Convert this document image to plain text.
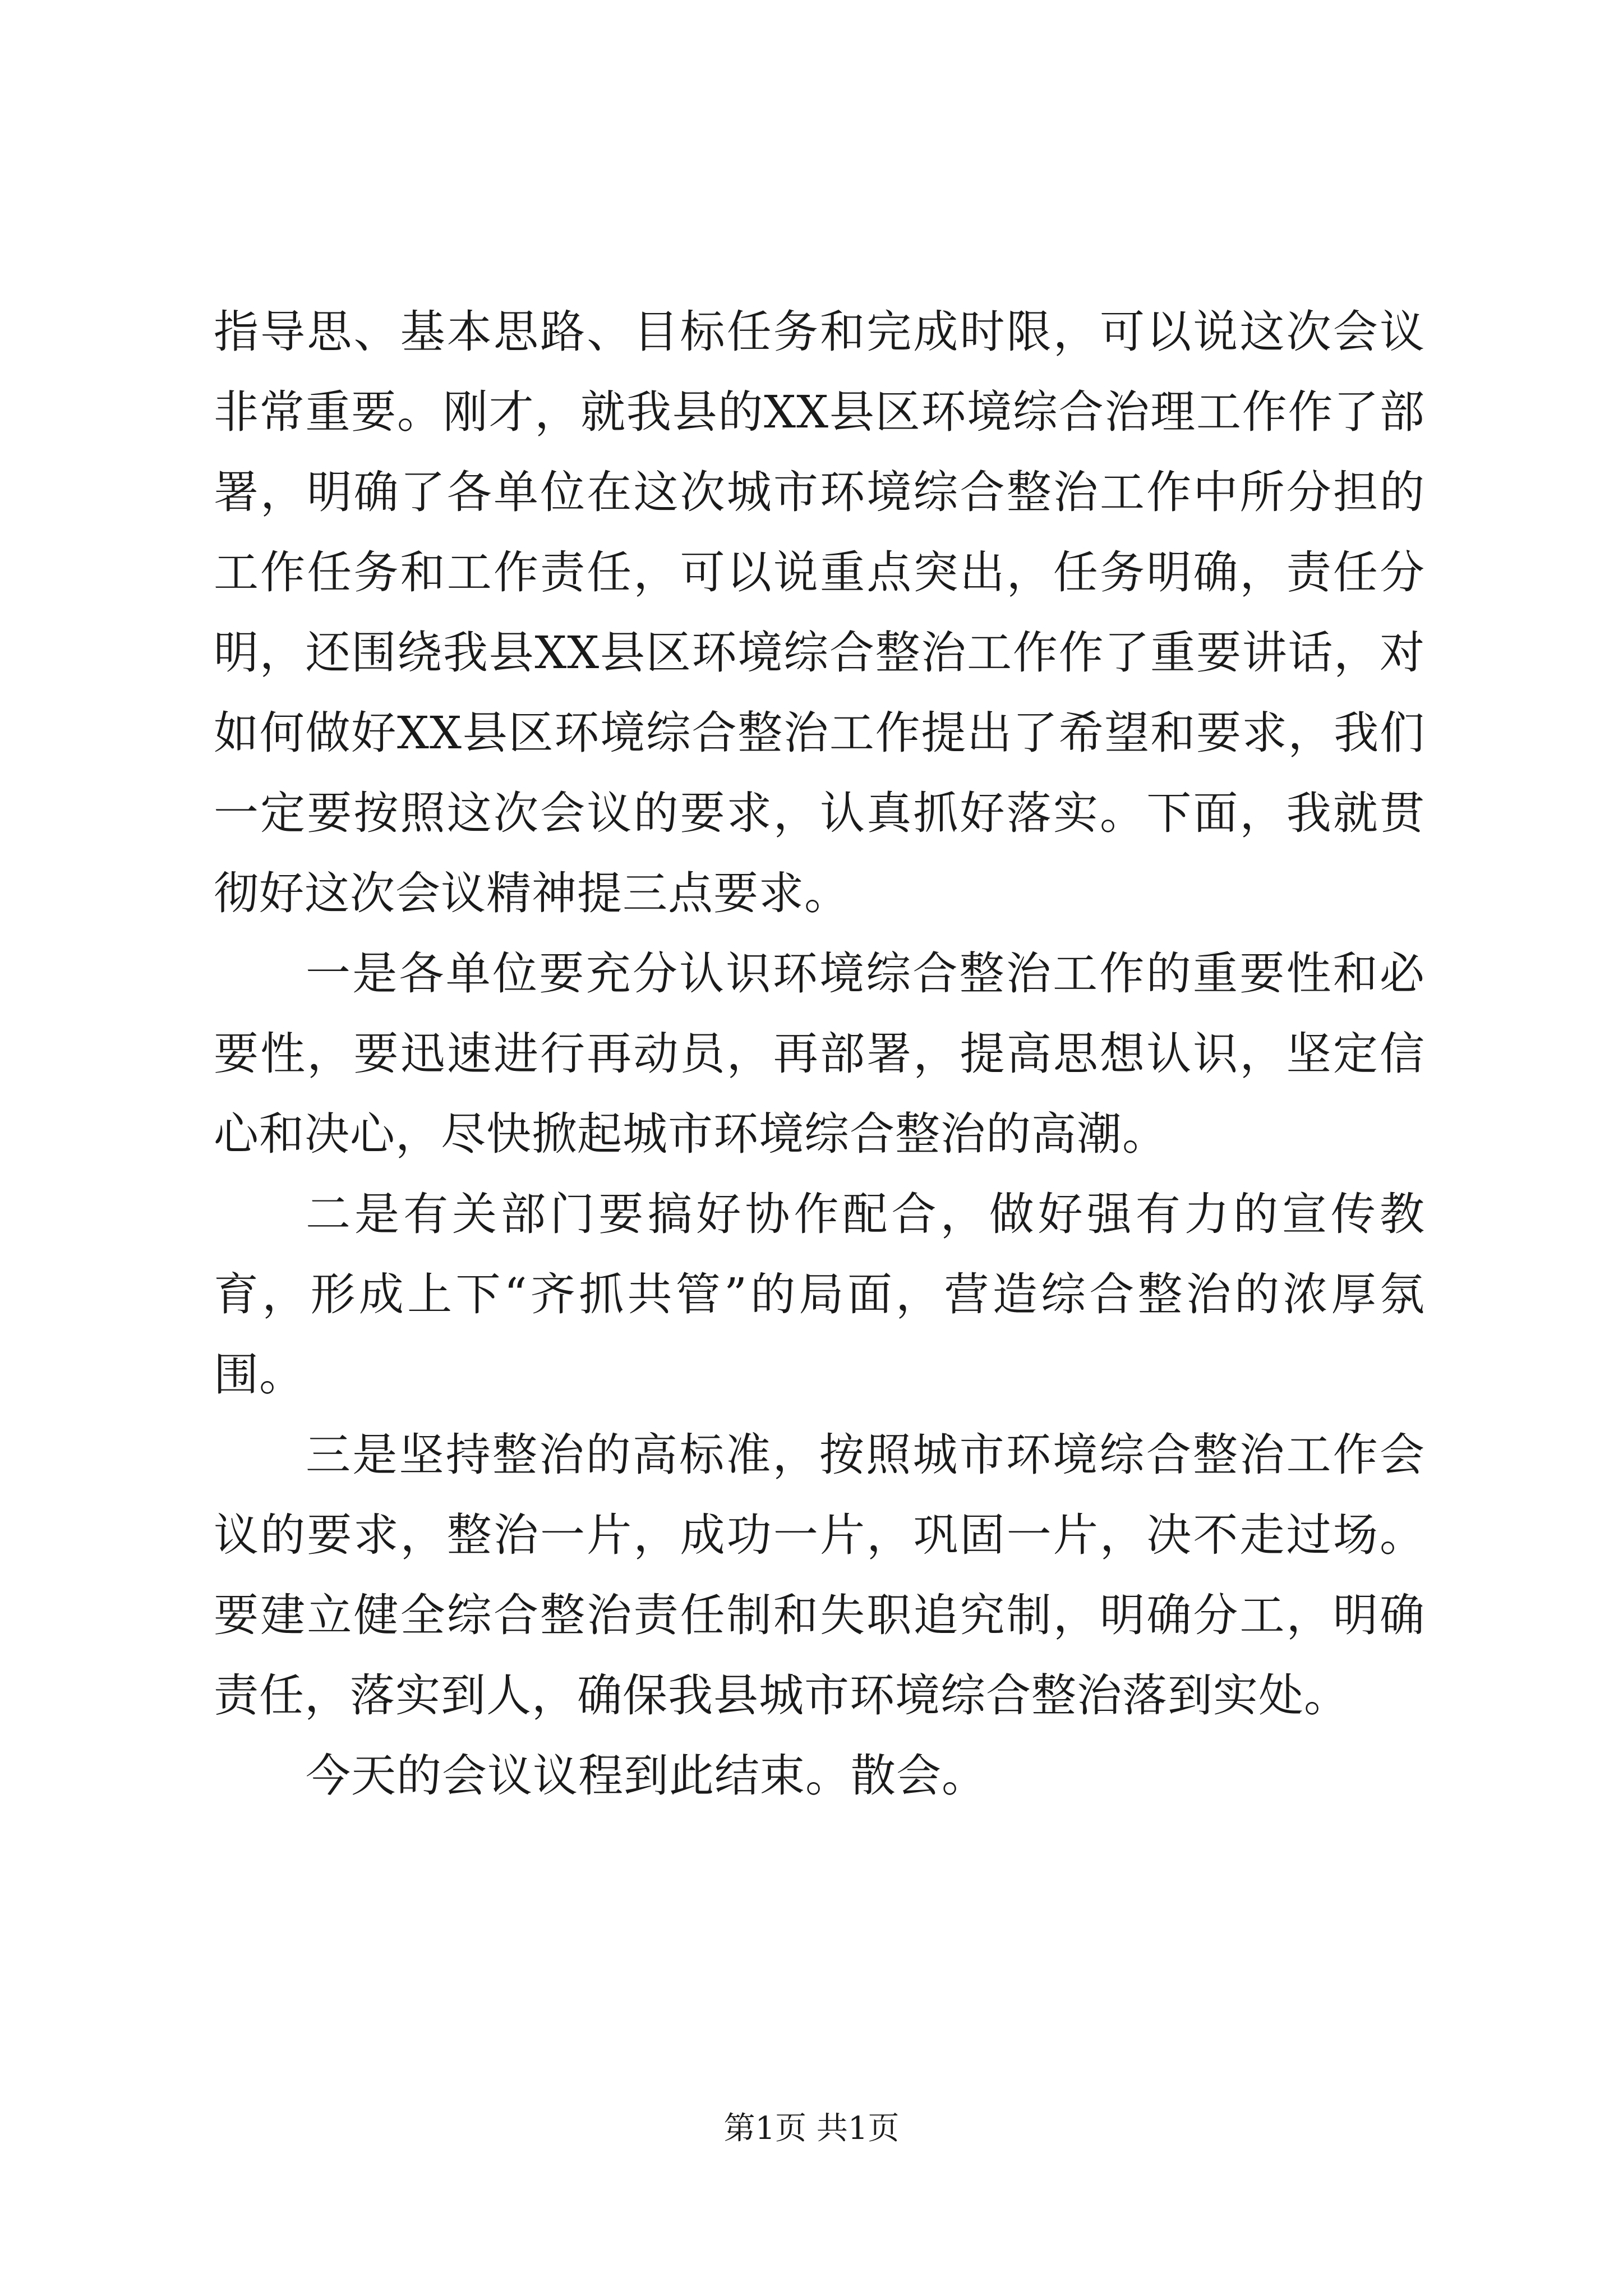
指导思、基本思路、目标任务和完成时限，可以说这次会议非常重要。刚才，就我县的XX县区环境综合治理工作作了部署，明确了各单位在这次城市环境综合整治工作中所分担的工作任务和工作责任，可以说重点突出，任务明确，责任分明，还围绕我县XX县区环境综合整治工作作了重要讲话，对如何做好XX县区环境综合整治工作提出了希望和要求，我们一定要按照这次会议的要求，认真抓好落实。下面，我就贯彻好这次会议精神提三点要求。

一是各单位要充分认识环境综合整治工作的重要性和必要性，要迅速进行再动员，再部署，提高思想认识，坚定信心和决心，尽快掀起城市环境综合整治的高潮。

二是有关部门要搞好协作配合，做好强有力的宣传教育，形成上下“齐抓共管”的局面，营造综合整治的浓厚氛围。

三是坚持整治的高标准，按照城市环境综合整治工作会议的要求，整治一片，成功一片，巩固一片，决不走过场。要建立健全综合整治责任制和失职追究制，明确分工，明确责任，落实到人，确保我县城市环境综合整治落到实处。

今天的会议议程到此结束。散会。

第1页 共1页
